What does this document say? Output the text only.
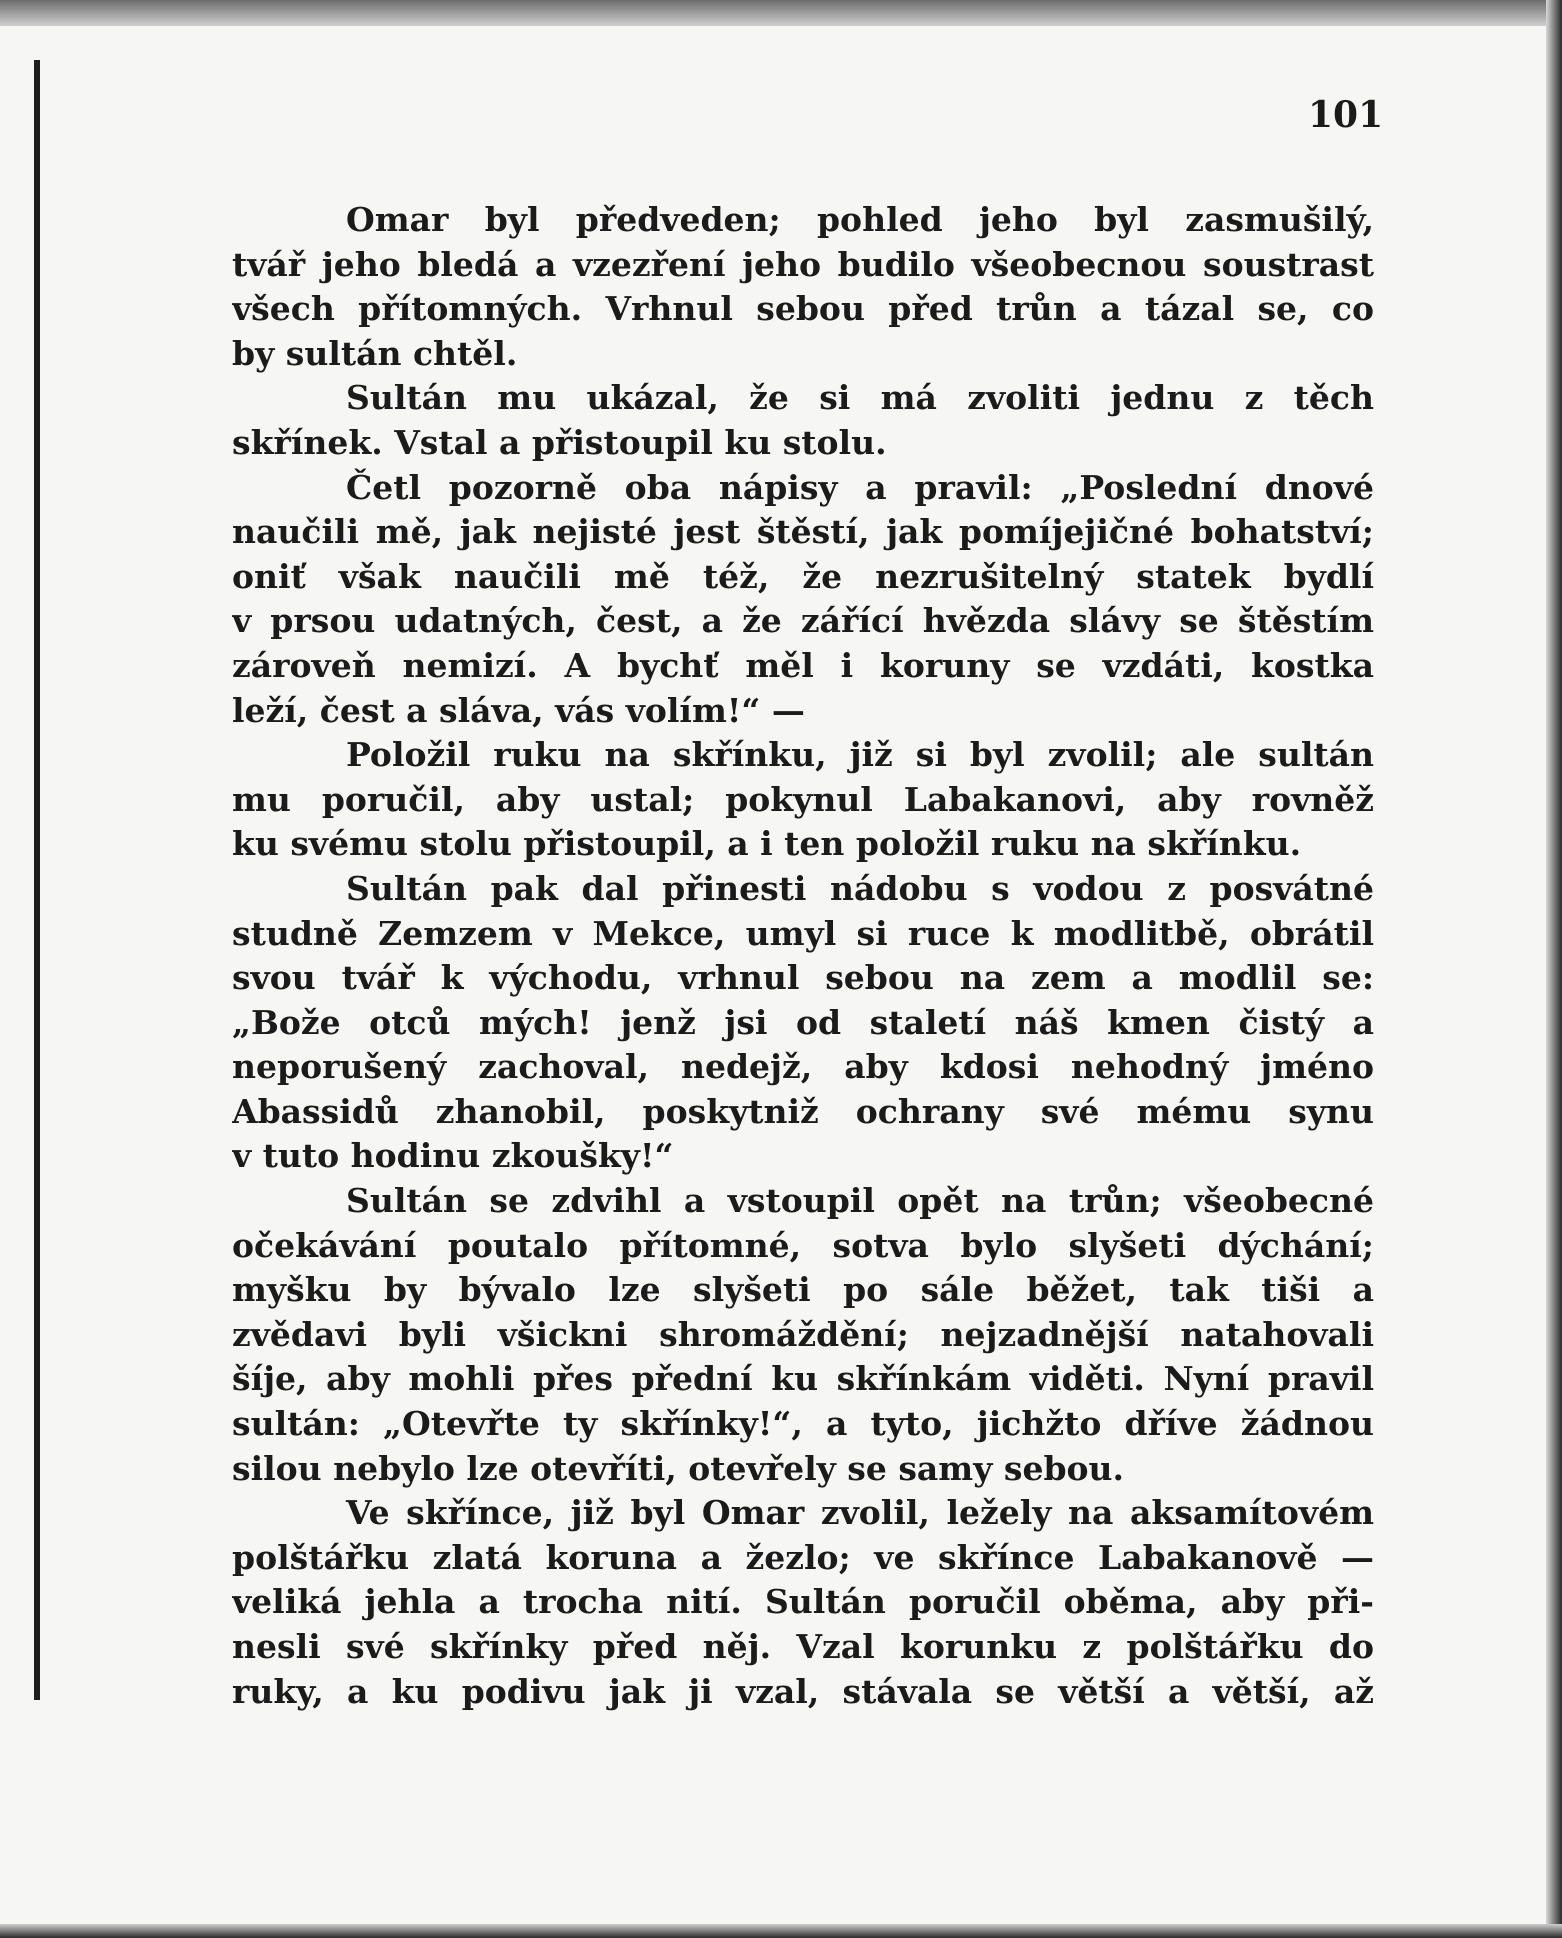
101
Omar byl předveden; pohled jeho byl zasmušilý,
tvář jeho bledá a vzezření jeho budilo všeobecnou soustrast
všech přítomných. Vrhnul sebou před trůn a tázal se, co
by sultán chtěl.
Sultán mu ukázal, že si má zvoliti jednu z těch
skřínek. Vstal a přistoupil ku stolu.
Četl pozorně oba nápisy a pravil: „Poslední dnové
naučili mě, jak nejisté jest štěstí, jak pomíjejičné bohatství;
oniť však naučili mě též, že nezrušitelný statek bydlí
v prsou udatných, čest, a že zářící hvězda slávy se štěstím
zároveň nemizí. A bychť měl i koruny se vzdáti, kostka
leží, čest a sláva, vás volím!“ —
Položil ruku na skřínku, již si byl zvolil; ale sultán
mu poručil, aby ustal; pokynul Labakanovi, aby rovněž
ku svému stolu přistoupil, a i ten položil ruku na skřínku.
Sultán pak dal přinesti nádobu s vodou z posvátné
studně Zemzem v Mekce, umyl si ruce k modlitbě, obrátil
svou tvář k východu, vrhnul sebou na zem a modlil se:
„Bože otců mých! jenž jsi od staletí náš kmen čistý a
neporušený zachoval, nedejž, aby kdosi nehodný jméno
Abassidů zhanobil, poskytniž ochrany své mému synu
v tuto hodinu zkoušky!“
Sultán se zdvihl a vstoupil opět na trůn; všeobecné
očekávání poutalo přítomné, sotva bylo slyšeti dýchání;
myšku by bývalo lze slyšeti po sále běžet, tak tiši a
zvědavi byli všickni shromáždění; nejzadnější natahovali
šíje, aby mohli přes přední ku skřínkám viděti. Nyní pravil
sultán: „Otevřte ty skřínky!“, a tyto, jichžto dříve žádnou
silou nebylo lze otevříti, otevřely se samy sebou.
Ve skřínce, již byl Omar zvolil, ležely na aksamítovém
polštářku zlatá koruna a žezlo; ve skřínce Labakanově —
veliká jehla a trocha nití. Sultán poručil oběma, aby při-
nesli své skřínky před něj. Vzal korunku z polštářku do
ruky, a ku podivu jak ji vzal, stávala se větší a větší, až
